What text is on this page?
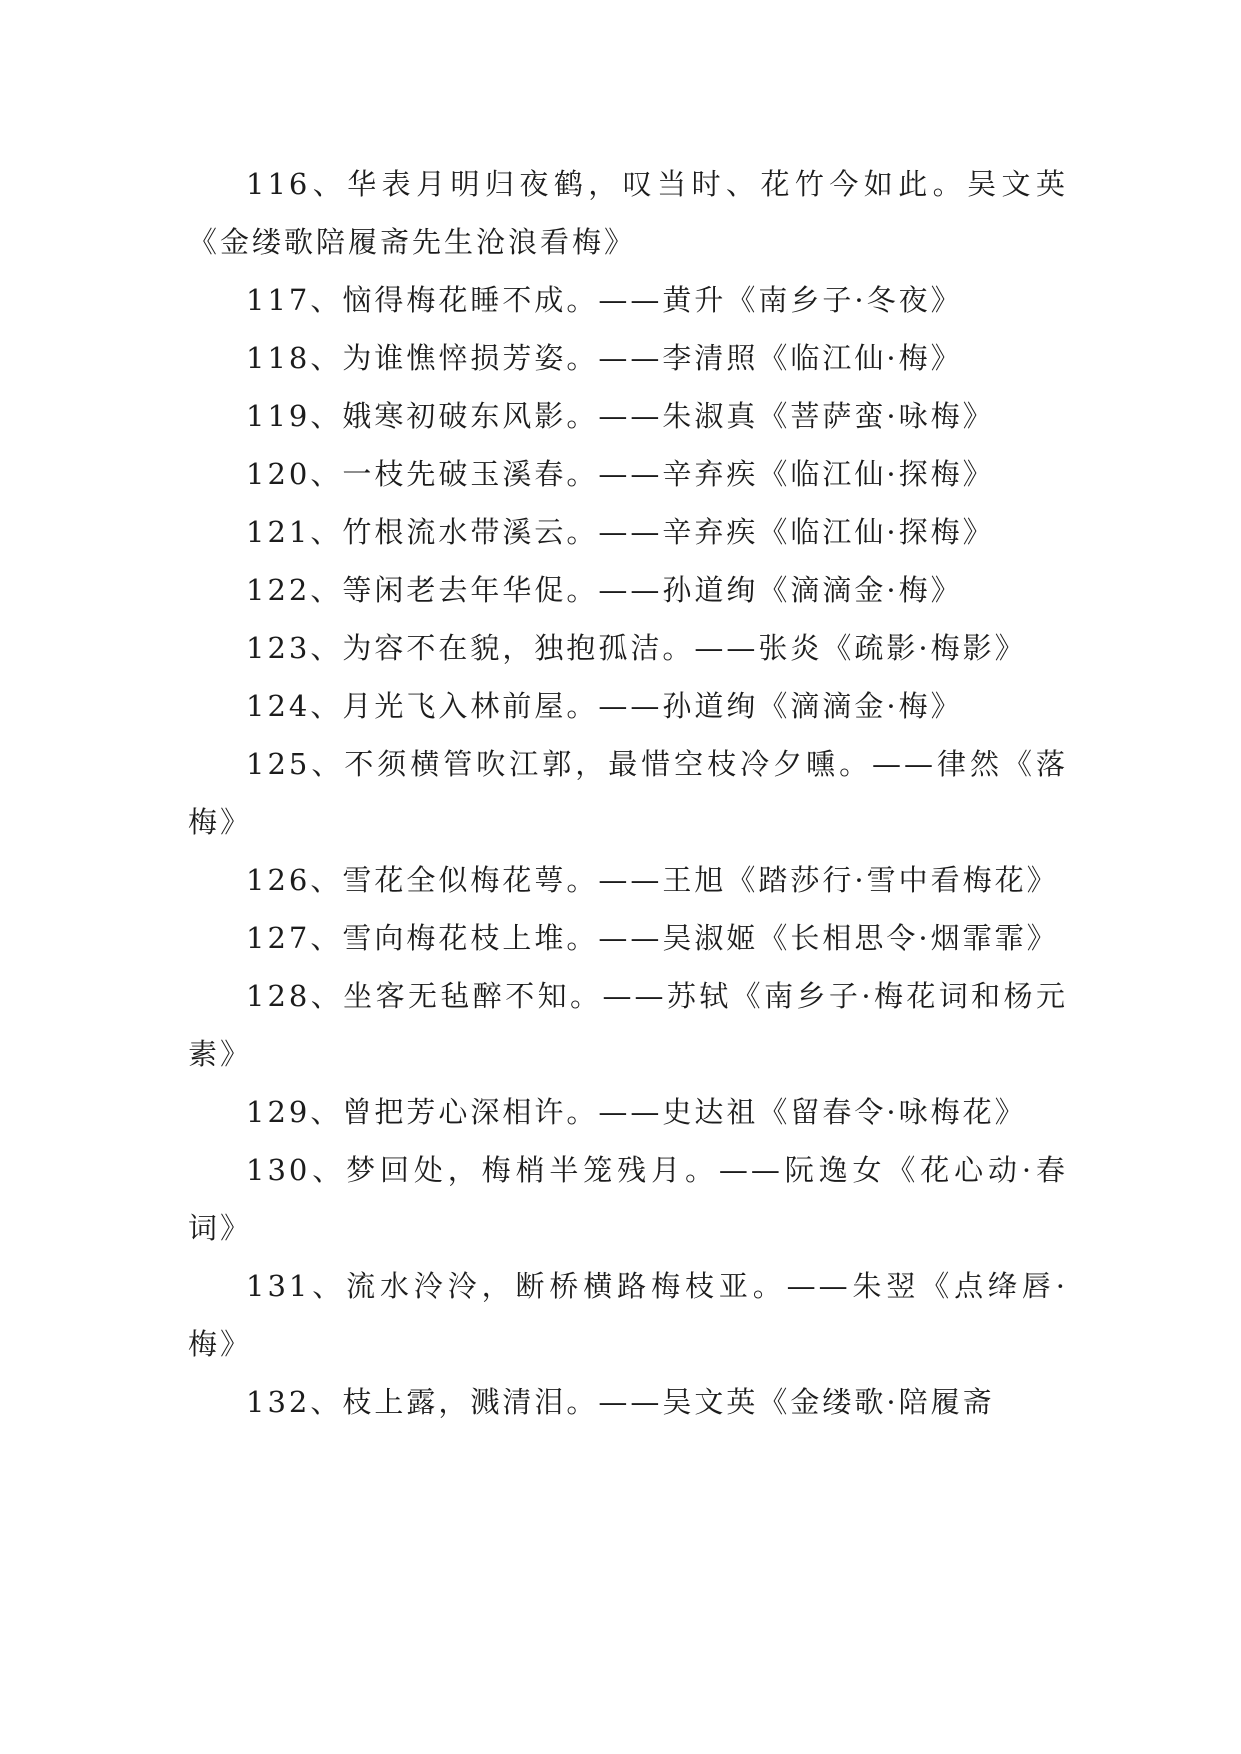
116、华表月明归夜鹤，叹当时、花竹今如此。吴文英《金缕歌陪履斋先生沧浪看梅》

117、恼得梅花睡不成。——黄升《南乡子·冬夜》

118、为谁憔悴损芳姿。——李清照《临江仙·梅》

119、娥寒初破东风影。——朱淑真《菩萨蛮·咏梅》

120、一枝先破玉溪春。——辛弃疾《临江仙·探梅》

121、竹根流水带溪云。——辛弃疾《临江仙·探梅》

122、等闲老去年华促。——孙道绚《滴滴金·梅》

123、为容不在貌，独抱孤洁。——张炎《疏影·梅影》

124、月光飞入林前屋。——孙道绚《滴滴金·梅》

125、不须横管吹江郭，最惜空枝冷夕曛。——律然《落梅》

126、雪花全似梅花萼。——王旭《踏莎行·雪中看梅花》

127、雪向梅花枝上堆。——吴淑姬《长相思令·烟霏霏》

128、坐客无毡醉不知。——苏轼《南乡子·梅花词和杨元素》

129、曾把芳心深相许。——史达祖《留春令·咏梅花》

130、梦回处，梅梢半笼残月。——阮逸女《花心动·春词》

131、流水泠泠，断桥横路梅枝亚。——朱翌《点绛唇·梅》

132、枝上露，溅清泪。——吴文英《金缕歌·陪履斋
